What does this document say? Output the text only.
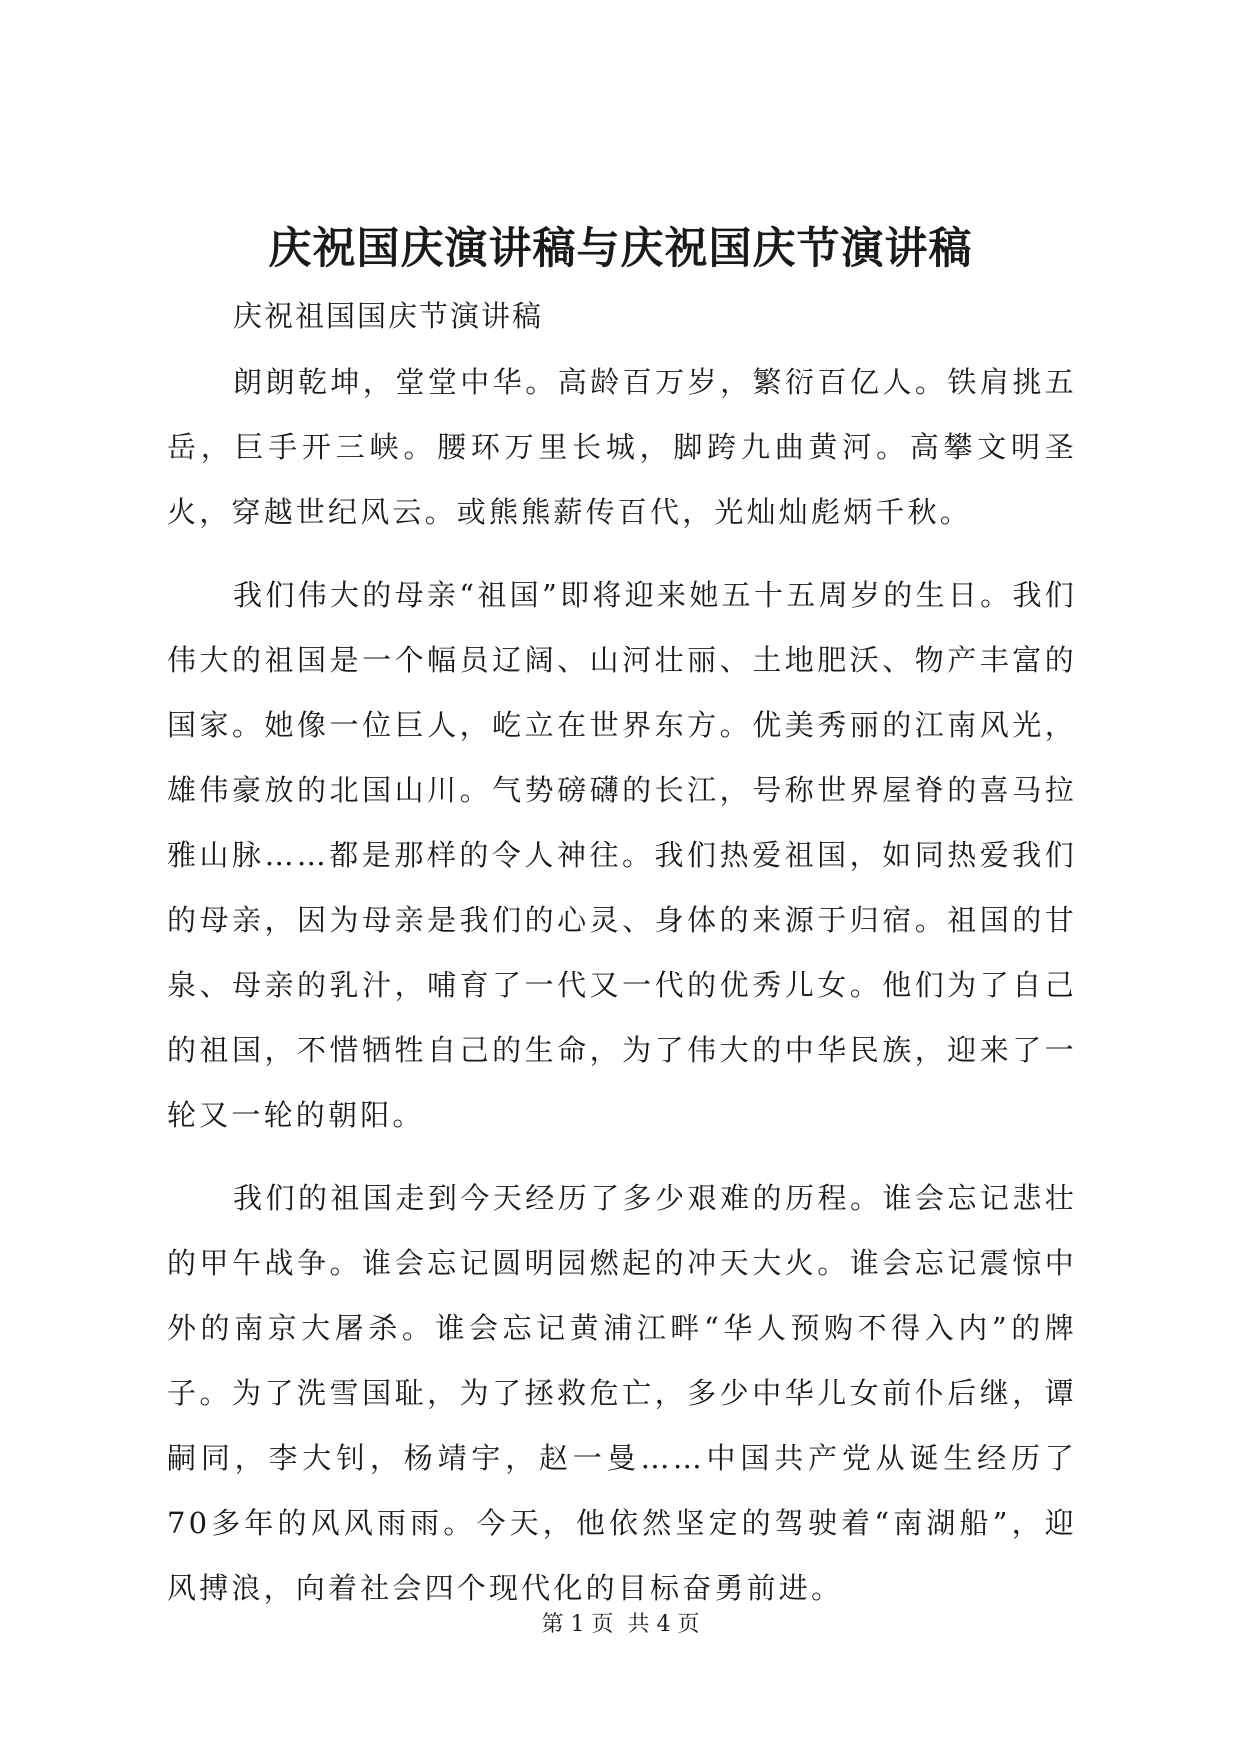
庆祝国庆演讲稿与庆祝国庆节演讲稿

庆祝祖国国庆节演讲稿

朗朗乾坤，堂堂中华。高龄百万岁，繁衍百亿人。铁肩挑五岳，巨手开三峡。腰环万里长城，脚跨九曲黄河。高攀文明圣火，穿越世纪风云。或熊熊薪传百代，光灿灿彪炳千秋。

我们伟大的母亲“祖国”即将迎来她五十五周岁的生日。我们伟大的祖国是一个幅员辽阔、山河壮丽、土地肥沃、物产丰富的国家。她像一位巨人，屹立在世界东方。优美秀丽的江南风光，雄伟豪放的北国山川。气势磅礴的长江，号称世界屋脊的喜马拉雅山脉……都是那样的令人神往。我们热爱祖国，如同热爱我们的母亲，因为母亲是我们的心灵、身体的来源于归宿。祖国的甘泉、母亲的乳汁，哺育了一代又一代的优秀儿女。他们为了自己的祖国，不惜牺牲自己的生命，为了伟大的中华民族，迎来了一轮又一轮的朝阳。

我们的祖国走到今天经历了多少艰难的历程。谁会忘记悲壮的甲午战争。谁会忘记圆明园燃起的冲天大火。谁会忘记震惊中外的南京大屠杀。谁会忘记黄浦江畔“华人预购不得入内”的牌子。为了洗雪国耻，为了拯救危亡，多少中华儿女前仆后继，谭嗣同，李大钊，杨靖宇，赵一曼……中国共产党从诞生经历了70多年的风风雨雨。今天，他依然坚定的驾驶着“南湖船”，迎风搏浪，向着社会四个现代化的目标奋勇前进。

第 1 页  共 4 页
